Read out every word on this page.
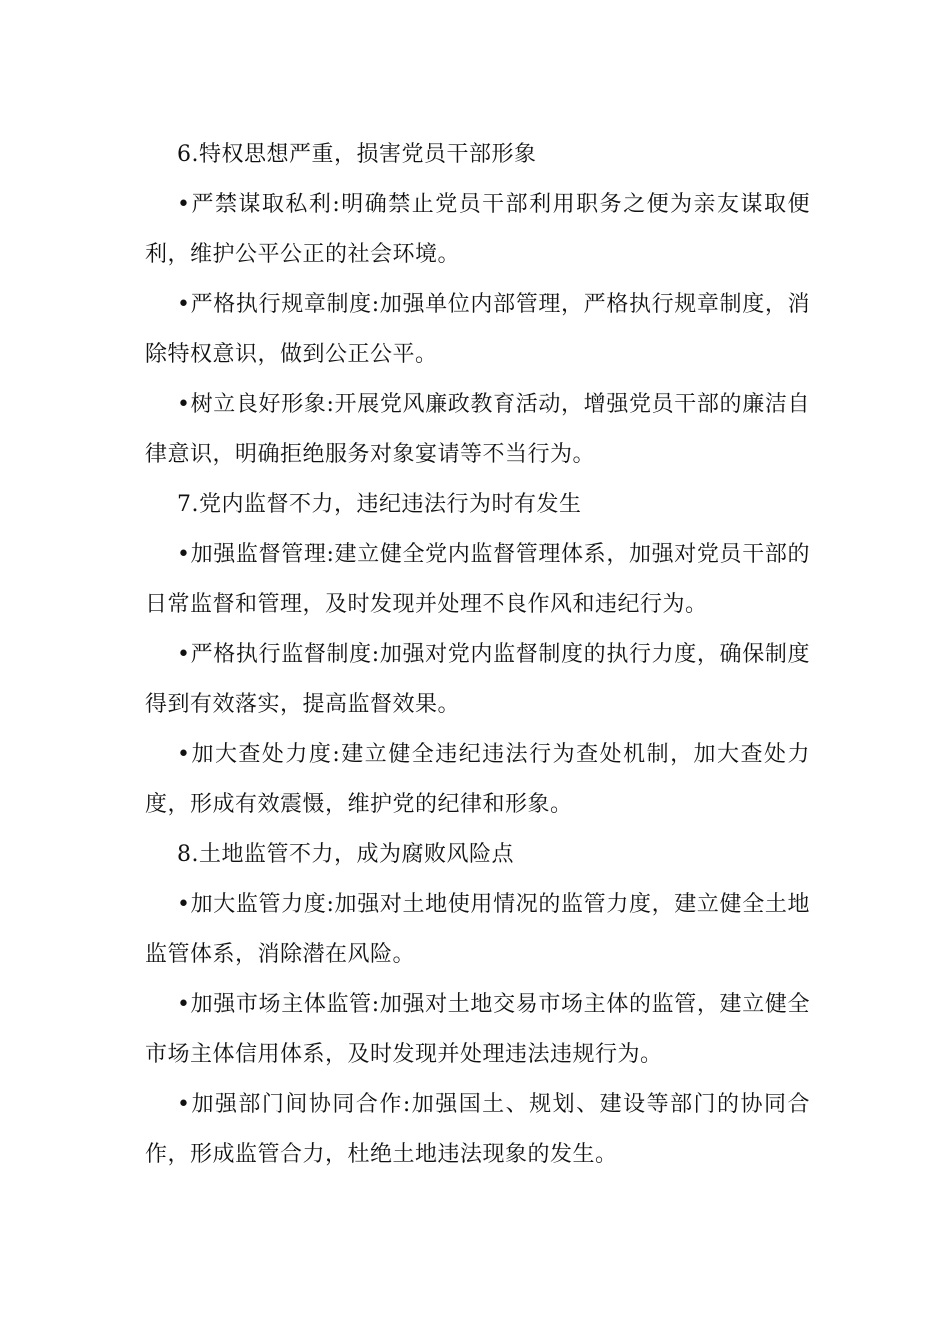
6.特权思想严重，损害党员干部形象

•严禁谋取私利:明确禁止党员干部利用职务之便为亲友谋取便利，维护公平公正的社会环境。

•严格执行规章制度:加强单位内部管理，严格执行规章制度，消除特权意识，做到公正公平。

•树立良好形象:开展党风廉政教育活动，增强党员干部的廉洁自律意识，明确拒绝服务对象宴请等不当行为。

7.党内监督不力，违纪违法行为时有发生

•加强监督管理:建立健全党内监督管理体系，加强对党员干部的日常监督和管理，及时发现并处理不良作风和违纪行为。

•严格执行监督制度:加强对党内监督制度的执行力度，确保制度得到有效落实，提高监督效果。

•加大查处力度:建立健全违纪违法行为查处机制，加大查处力度，形成有效震慑，维护党的纪律和形象。

8.土地监管不力，成为腐败风险点

•加大监管力度:加强对土地使用情况的监管力度，建立健全土地监管体系，消除潜在风险。

•加强市场主体监管:加强对土地交易市场主体的监管，建立健全市场主体信用体系，及时发现并处理违法违规行为。

•加强部门间协同合作:加强国土、规划、建设等部门的协同合作，形成监管合力，杜绝土地违法现象的发生。
